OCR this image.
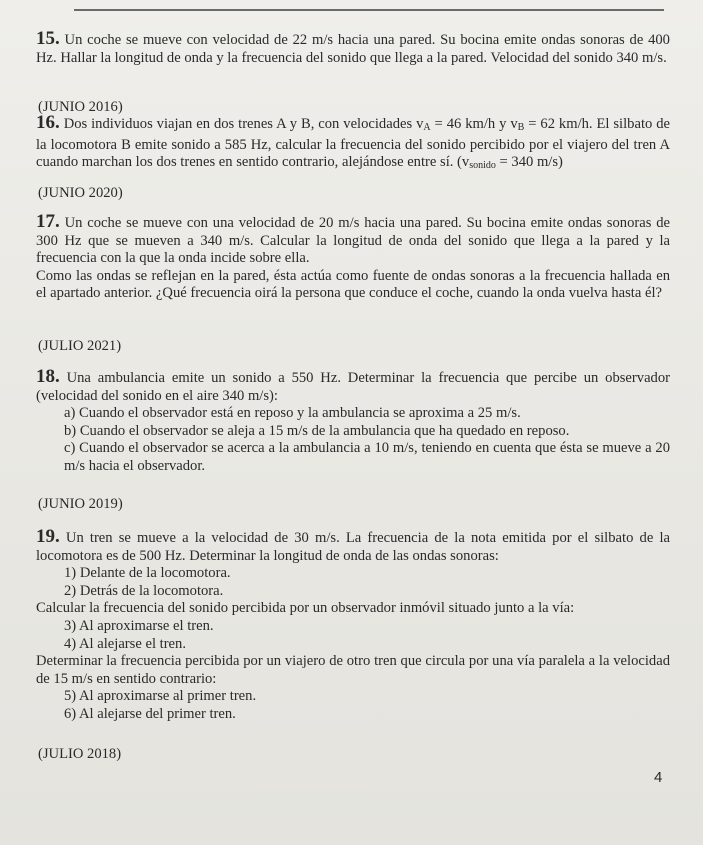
15. Un coche se mueve con velocidad de 22 m/s hacia una pared. Su bocina emite ondas sonoras de 400 Hz. Hallar la longitud de onda y la frecuencia del sonido que llega a la pared. Velocidad del sonido 340 m/s.

(JUNIO 2016)

16. Dos individuos viajan en dos trenes A y B, con velocidades vA = 46 km/h y vB = 62 km/h. El silbato de la locomotora B emite sonido a 585 Hz, calcular la frecuencia del sonido percibido por el viajero del tren A cuando marchan los dos trenes en sentido contrario, alejándose entre sí. (vsonido = 340 m/s)

(JUNIO 2020)

17. Un coche se mueve con una velocidad de 20 m/s hacia una pared. Su bocina emite ondas sonoras de 300 Hz que se mueven a 340 m/s. Calcular la longitud de onda del sonido que llega a la pared y la frecuencia con la que la onda incide sobre ella.

Como las ondas se reflejan en la pared, ésta actúa como fuente de ondas sonoras a la frecuencia hallada en el apartado anterior. ¿Qué frecuencia oirá la persona que conduce el coche, cuando la onda vuelva hasta él?

(JULIO 2021)

18. Una ambulancia emite un sonido a 550 Hz. Determinar la frecuencia que percibe un observador (velocidad del sonido en el aire 340 m/s):

a) Cuando el observador está en reposo y la ambulancia se aproxima a 25 m/s.

b) Cuando el observador se aleja a 15 m/s de la ambulancia que ha quedado en reposo.

c) Cuando el observador se acerca a la ambulancia a 10 m/s, teniendo en cuenta que ésta se mueve a 20 m/s hacia el observador.

(JUNIO 2019)

19. Un tren se mueve a la velocidad de 30 m/s. La frecuencia de la nota emitida por el silbato de la locomotora es de 500 Hz. Determinar la longitud de onda de las ondas sonoras:

1) Delante de la locomotora.

2) Detrás de la locomotora.

Calcular la frecuencia del sonido percibida por un observador inmóvil situado junto a la vía:

3) Al aproximarse el tren.

4) Al alejarse el tren.

Determinar la frecuencia percibida por un viajero de otro tren que circula por una vía paralela a la velocidad de 15 m/s en sentido contrario:

5) Al aproximarse al primer tren.

6) Al alejarse del primer tren.

(JULIO 2018)
4
